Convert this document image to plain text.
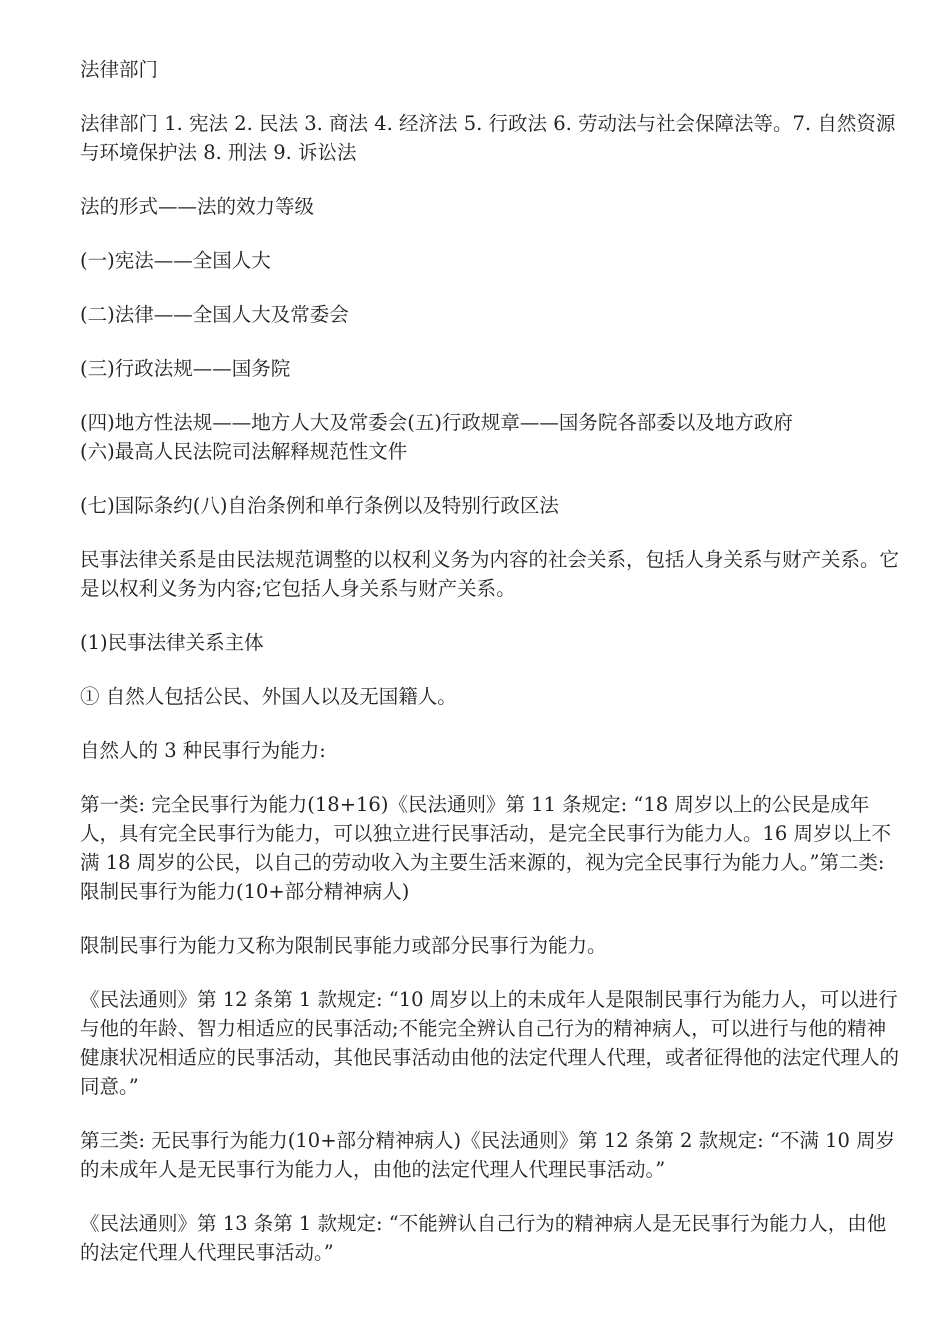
法律部门

法律部门 1. 宪法 2. 民法 3. 商法 4. 经济法 5. 行政法 6. 劳动法与社会保障法等。7. 自然资源与环境保护法 8. 刑法 9. 诉讼法

法的形式——法的效力等级

(一)宪法——全国人大

(二)法律——全国人大及常委会

(三)行政法规——国务院

(四)地方性法规——地方人大及常委会(五)行政规章——国务院各部委以及地方政府

(六)最高人民法院司法解释规范性文件

(七)国际条约(八)自治条例和单行条例以及特别行政区法

民事法律关系是由民法规范调整的以权利义务为内容的社会关系，包括人身关系与财产关系。它是以权利义务为内容;它包括人身关系与财产关系。

(1)民事法律关系主体

① 自然人包括公民、外国人以及无国籍人。

自然人的 3 种民事行为能力:

第一类: 完全民事行为能力(18+16)《民法通则》第 11 条规定: “18 周岁以上的公民是成年人，具有完全民事行为能力，可以独立进行民事活动，是完全民事行为能力人。16 周岁以上不满 18 周岁的公民，以自己的劳动收入为主要生活来源的，视为完全民事行为能力人。”第二类: 限制民事行为能力(10+部分精神病人)

限制民事行为能力又称为限制民事能力或部分民事行为能力。

《民法通则》第 12 条第 1 款规定: “10 周岁以上的未成年人是限制民事行为能力人，可以进行与他的年龄、智力相适应的民事活动;不能完全辨认自己行为的精神病人，可以进行与他的精神健康状况相适应的民事活动，其他民事活动由他的法定代理人代理，或者征得他的法定代理人的同意。”

第三类: 无民事行为能力(10+部分精神病人)《民法通则》第 12 条第 2 款规定: “不满 10 周岁的未成年人是无民事行为能力人，由他的法定代理人代理民事活动。”

《民法通则》第 13 条第 1 款规定: “不能辨认自己行为的精神病人是无民事行为能力人，由他的法定代理人代理民事活动。”
